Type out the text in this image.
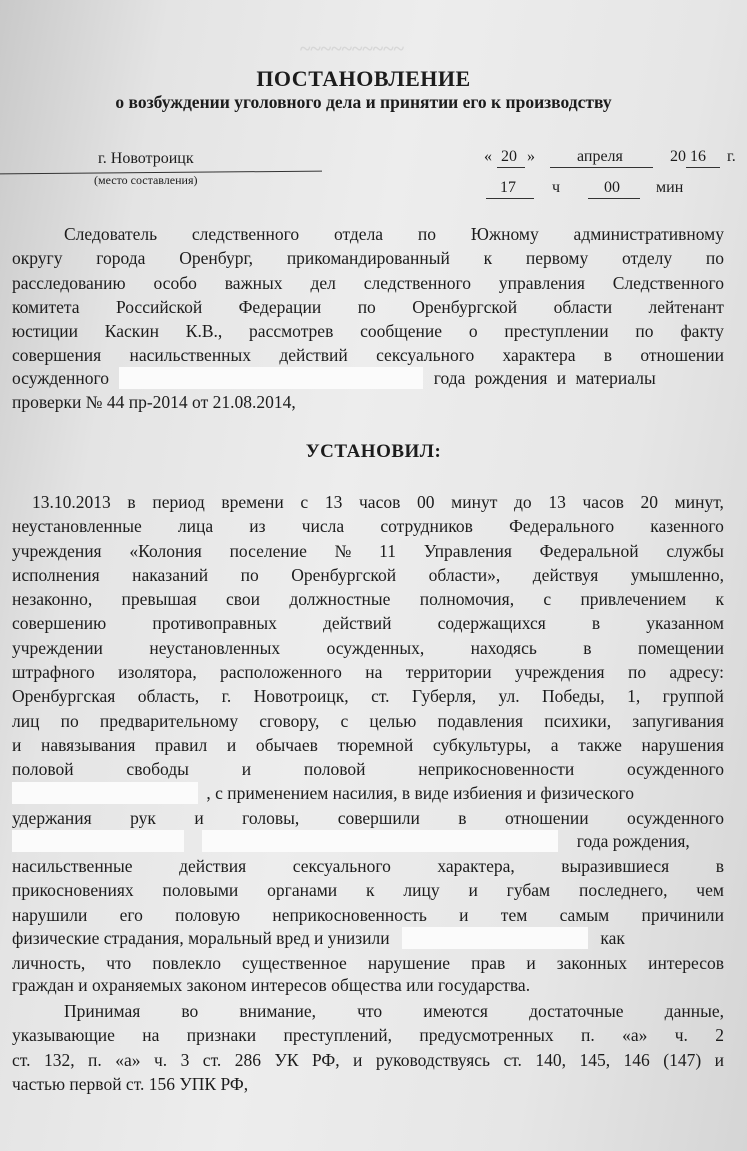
~~~~~~~~~~
ПОСТАНОВЛЕНИЕ
о возбуждении уголовного дела и принятии его к производству
г. Новотроицк
(место составления)
« 20 »	апреля	20 16 г.
17 ч	00 мин
Следователь следственного отдела по Южному административному
округу города Оренбург, прикомандированный к первому отделу по
расследованию особо важных дел следственного управления Следственного
комитета Российской Федерации по Оренбургской области лейтенант
юстиции Каскин К.В., рассмотрев сообщение о преступлении по факту
совершения насильственных действий сексуального характера в отношении
осужденного	года рождения и материалы
проверки № 44 пр-2014 от 21.08.2014,
УСТАНОВИЛ:
13.10.2013 в период времени с 13 часов 00 минут до 13 часов 20 минут,
неустановленные лица из числа сотрудников Федерального казенного
учреждения «Колония поселение № 11 Управления Федеральной службы
исполнения наказаний по Оренбургской области», действуя умышленно,
незаконно, превышая свои должностные полномочия, с привлечением к
совершению	противоправных	действий	содержащихся	в	указанном
учреждении	неустановленных	осужденных,	находясь	в	помещении
штрафного изолятора, расположенного на территории учреждения по адресу:
Оренбургская область, г. Новотроицк, ст. Губерля, ул. Победы, 1, группой
лиц по предварительному сговору, с целью подавления психики, запугивания
и навязывания правил и обычаев тюремной субкультуры, а также нарушения
половой	свободы	и	половой	неприкосновенности	осужденного
, с применением насилия, в виде избиения и физического
удержания рук и головы, совершили в отношении осужденного
года рождения,
насильственные	действия	сексуального	характера,	выразившиеся	в
прикосновениях половыми органами к лицу и губам последнего, чем
нарушили его половую неприкосновенность и тем самым причинили
физические страдания, моральный вред и унизили	как
личность, что повлекло существенное нарушение прав и законных интересов
граждан и охраняемых законом интересов общества или государства.
Принимая во внимание, что имеются достаточные данные,
указывающие на признаки преступлений, предусмотренных п. «а» ч. 2
ст. 132, п. «а» ч. 3 ст. 286 УК РФ, и руководствуясь ст. 140, 145, 146 (147) и
частью первой ст. 156 УПК РФ,
